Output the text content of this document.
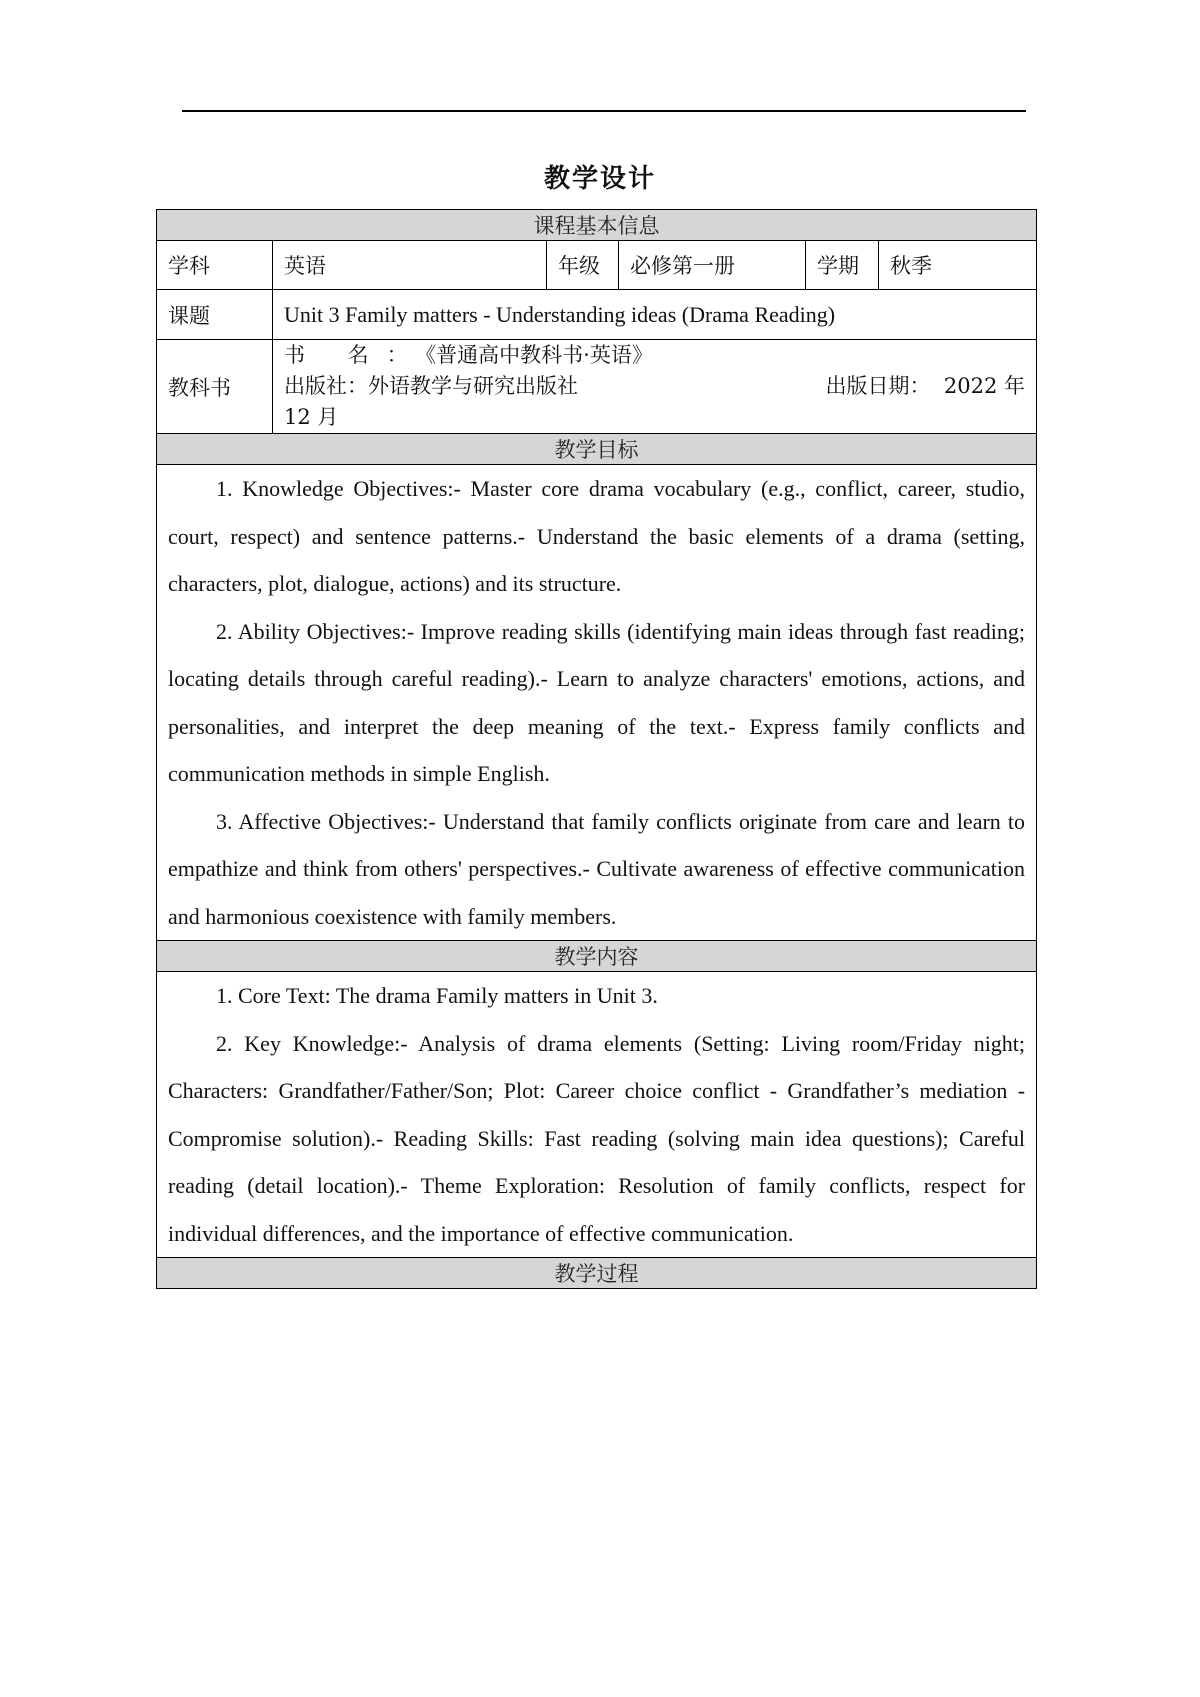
教学设计
课程基本信息					
学科	英语	年级	必修第一册	学期	秋季
课题	Unit 3 Family matters - Understanding ideas (Drama Reading)				
教科书	书 名：《普通高中教科书·英语》
出版社：外语教学与研究出版社 出版日期： 2022 年
12 月				

教学目标					

1. Knowledge Objectives:- Master core drama vocabulary (e.g., conflict, career, studio, court, respect) and sentence patterns.- Understand the basic elements of a drama (setting, characters, plot, dialogue, actions) and its structure.
2. Ability Objectives:- Improve reading skills (identifying main ideas through fast reading; locating details through careful reading).- Learn to analyze characters' emotions, actions, and personalities, and interpret the deep meaning of the text.- Express family conflicts and communication methods in simple English.
3. Affective Objectives:- Understand that family conflicts originate from care and learn to empathize and think from others' perspectives.- Cultivate awareness of effective communication and harmonious coexistence with family members.					

教学内容					

1. Core Text: The drama Family matters in Unit 3.
2. Key Knowledge:- Analysis of drama elements (Setting: Living room/Friday night; Characters: Grandfather/Father/Son; Plot: Career choice conflict - Grandfather’s mediation - Compromise solution).- Reading Skills: Fast reading (solving main idea questions); Careful reading (detail location).- Theme Exploration: Resolution of family conflicts, respect for individual differences, and the importance of effective communication.					

教学过程					
